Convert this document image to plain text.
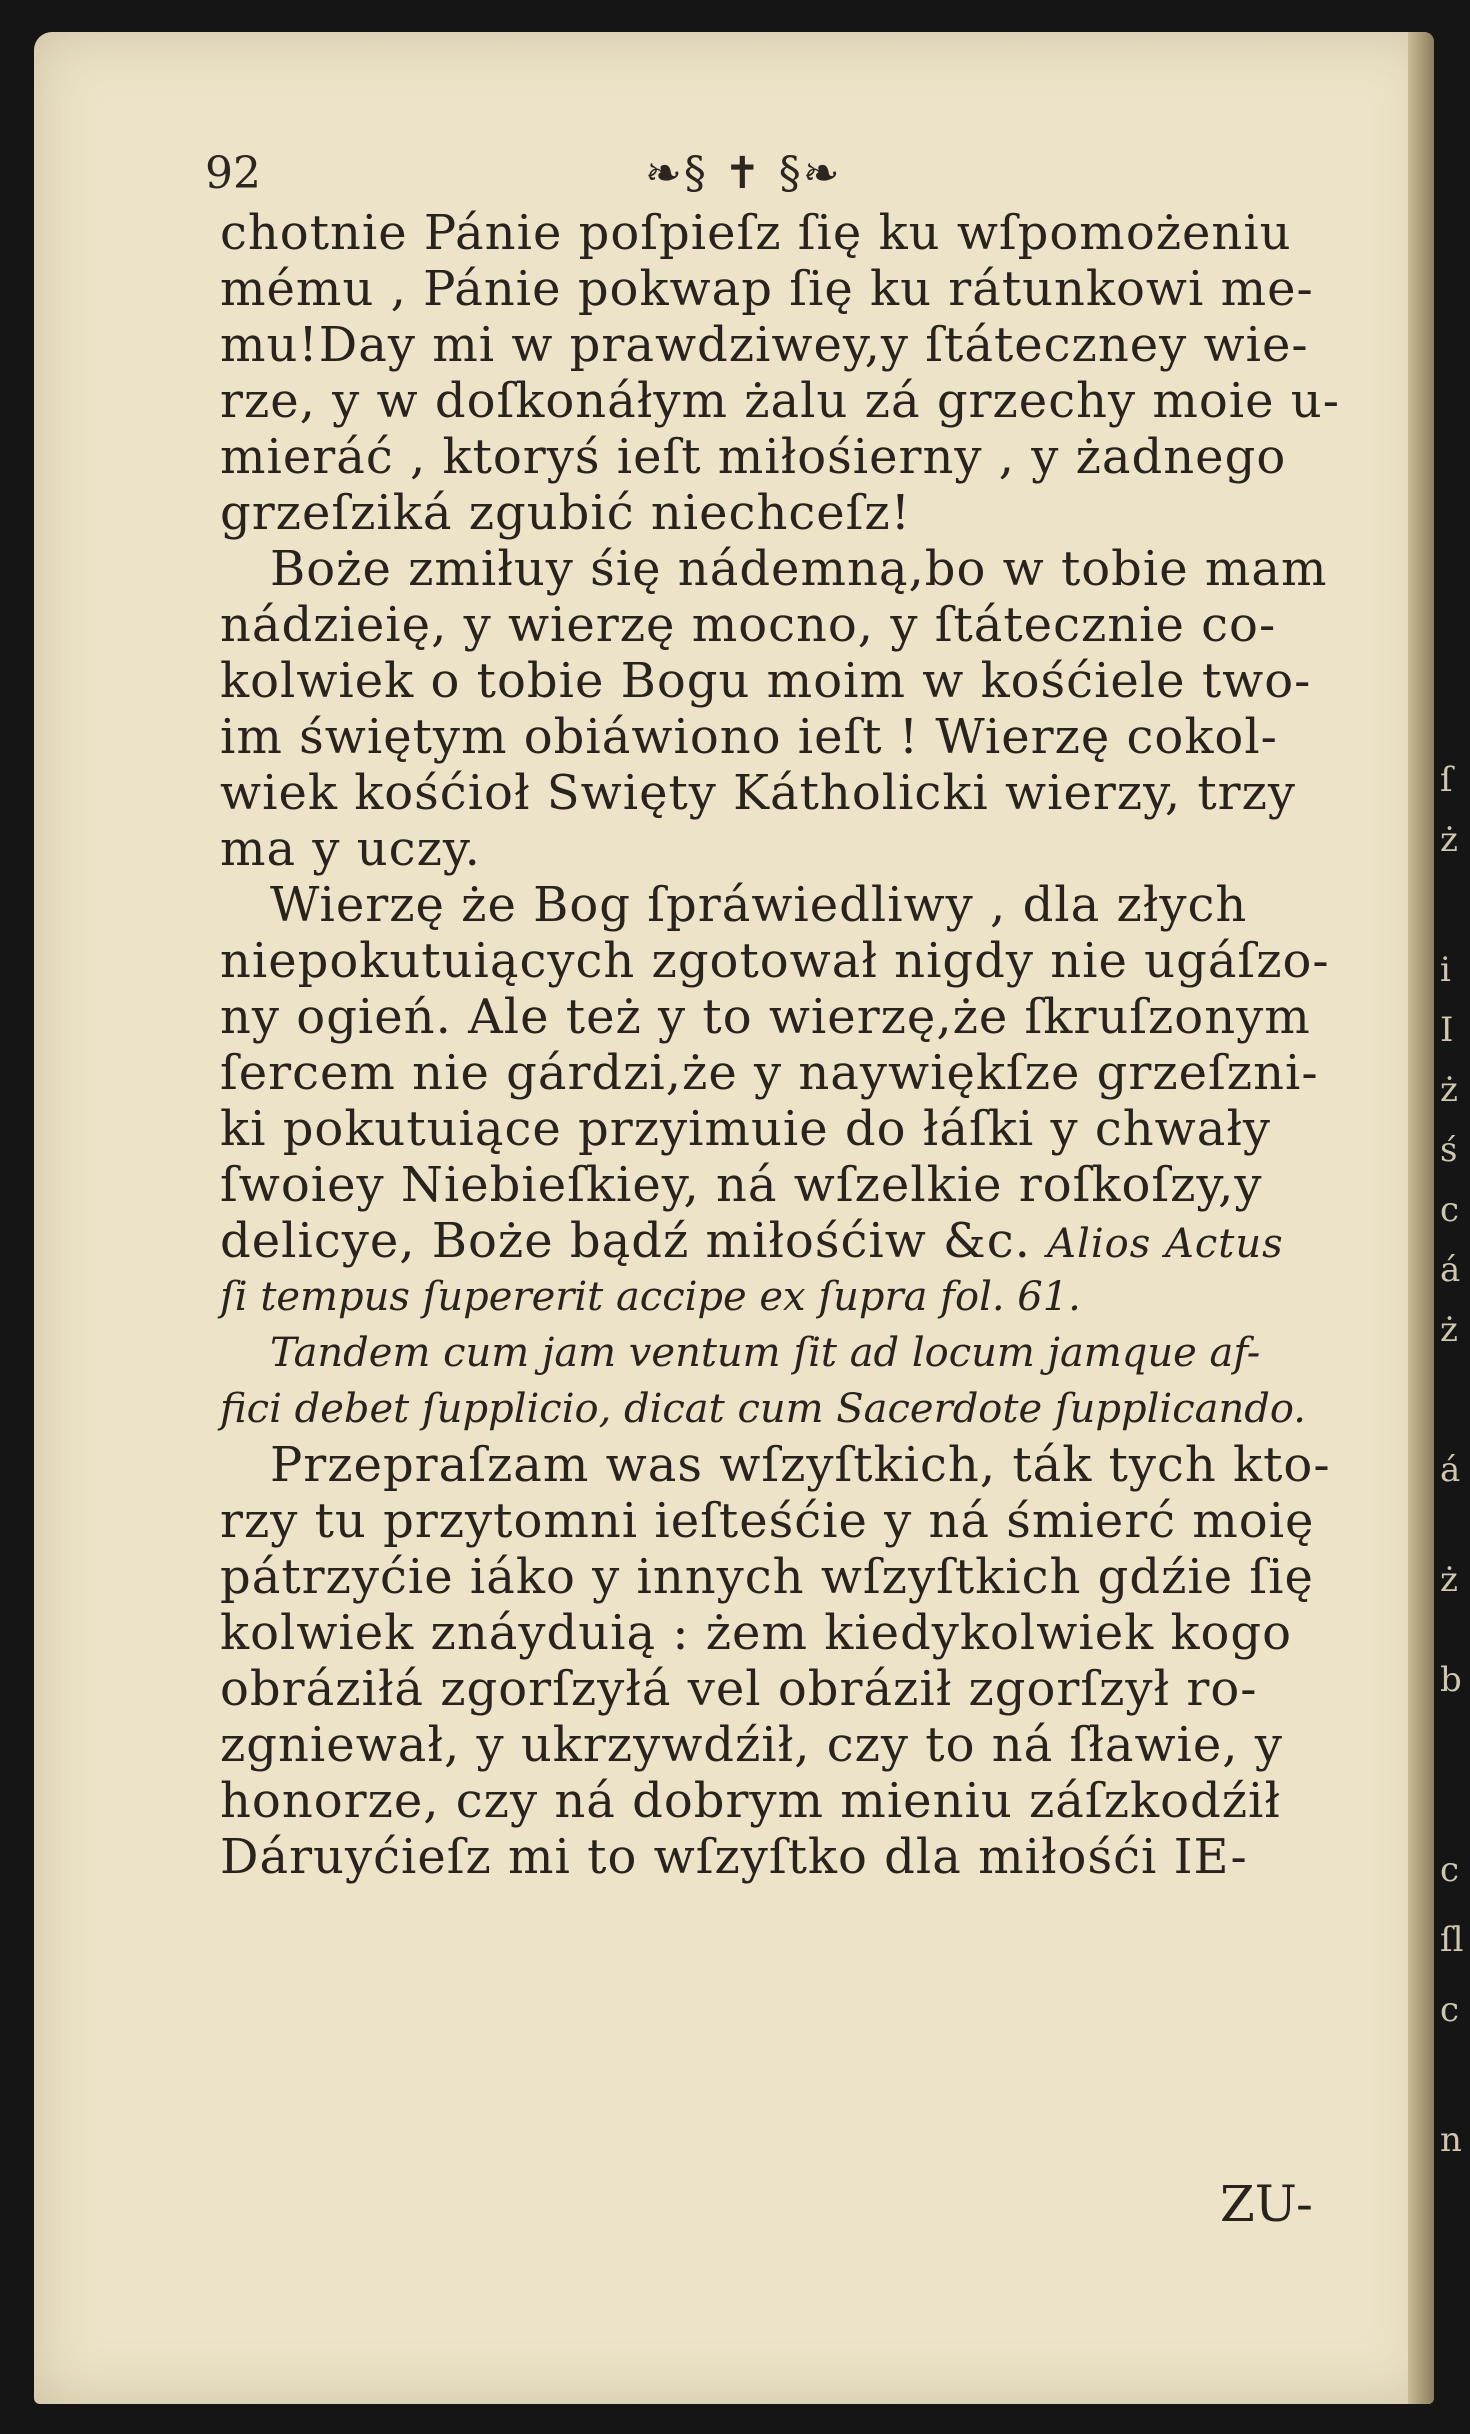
92	❧§ ✝ §❧
chotnie Pánie poſpieſz ſię ku wſpomożeniu
mému , Pánie pokwap ſię ku rátunkowi me-
mu!Day mi w prawdziwey,y ſtáteczney wie-
rze, y w doſkonáłym żalu zá grzechy moie u-
mieráć , ktoryś ieſt miłośierny , y żadnego
grzeſziká zgubić niechceſz!
Boże zmiłuy śię nádemną,bo w tobie mam
nádzieię, y wierzę mocno, y ſtátecznie co-
kolwiek o tobie Bogu moim w kośćiele two-
im świętym obiáwiono ieſt ! Wierzę cokol-
wiek kośćioł Swięty Kátholicki wierzy, trzy
ma y uczy.
Wierzę że Bog ſpráwiedliwy , dla złych
niepokutuiących zgotował nigdy nie ugáſzo-
ny ogień. Ale też y to wierzę,że ſkruſzonym
ſercem nie gárdzi,że y naywiękſze grzeſzni-
ki pokutuiące przyimuie do łáſki y chwały
ſwoiey Niebieſkiey, ná wſzelkie roſkoſzy,y
delicye, Boże bądź miłośćiw &c. Alios Actus
ſi tempus ſupererit accipe ex ſupra fol. 61.
Tandem cum jam ventum ſit ad locum jamque af-
fici debet ſupplicio, dicat cum Sacerdote ſupplicando.
Przepraſzam was wſzyſtkich, ták tych kto-
rzy tu przytomni ieſteśćie y ná śmierć moię
pátrzyćie iáko y innych wſzyſtkich gdźie ſię
kolwiek znáyduią : żem kiedykolwiek kogo
obráziłá zgorſzyłá vel obráził zgorſzył ro-
zgniewał, y ukrzywdźił, czy to ná ſławie, y
honorze, czy ná dobrym mieniu záſzkodźił
Dáruyćieſz mi to wſzyſtko dla miłośći IE-
ZU-
ſ
ż
i
I
ż
ś
c
á
ż
á
ż
b
c
ſl
c
n
